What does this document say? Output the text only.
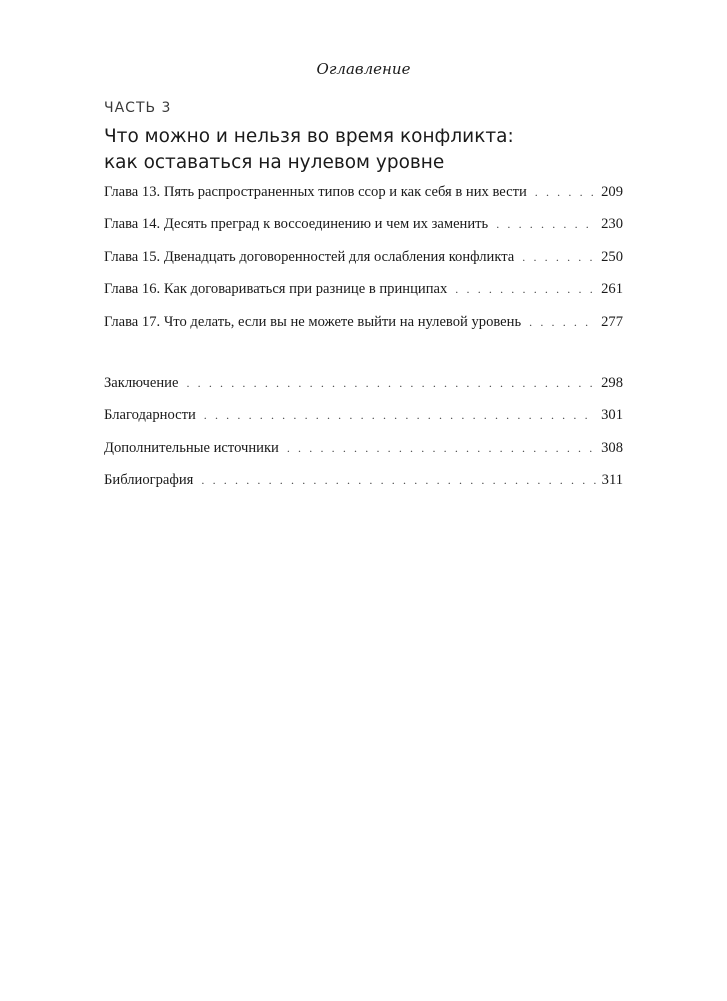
Оглавление
ЧАСТЬ 3
Что можно и нельзя во время конфликта:
как оставаться на нулевом уровне
Глава 13. Пять распространенных типов ссор и как себя в них вести . . .	209
Глава 14. Десять преград к воссоединению и чем их заменить . . .	230
Глава 15. Двенадцать договоренностей для ослабления конфликта . . .	250
Глава 16. Как договариваться при разнице в принципах . . .	261
Глава 17. Что делать, если вы не можете выйти на нулевой уровень . . .	277
Заключение . . .	298
Благодарности . . .	301
Дополнительные источники . . .	308
Библиография . . .	311
